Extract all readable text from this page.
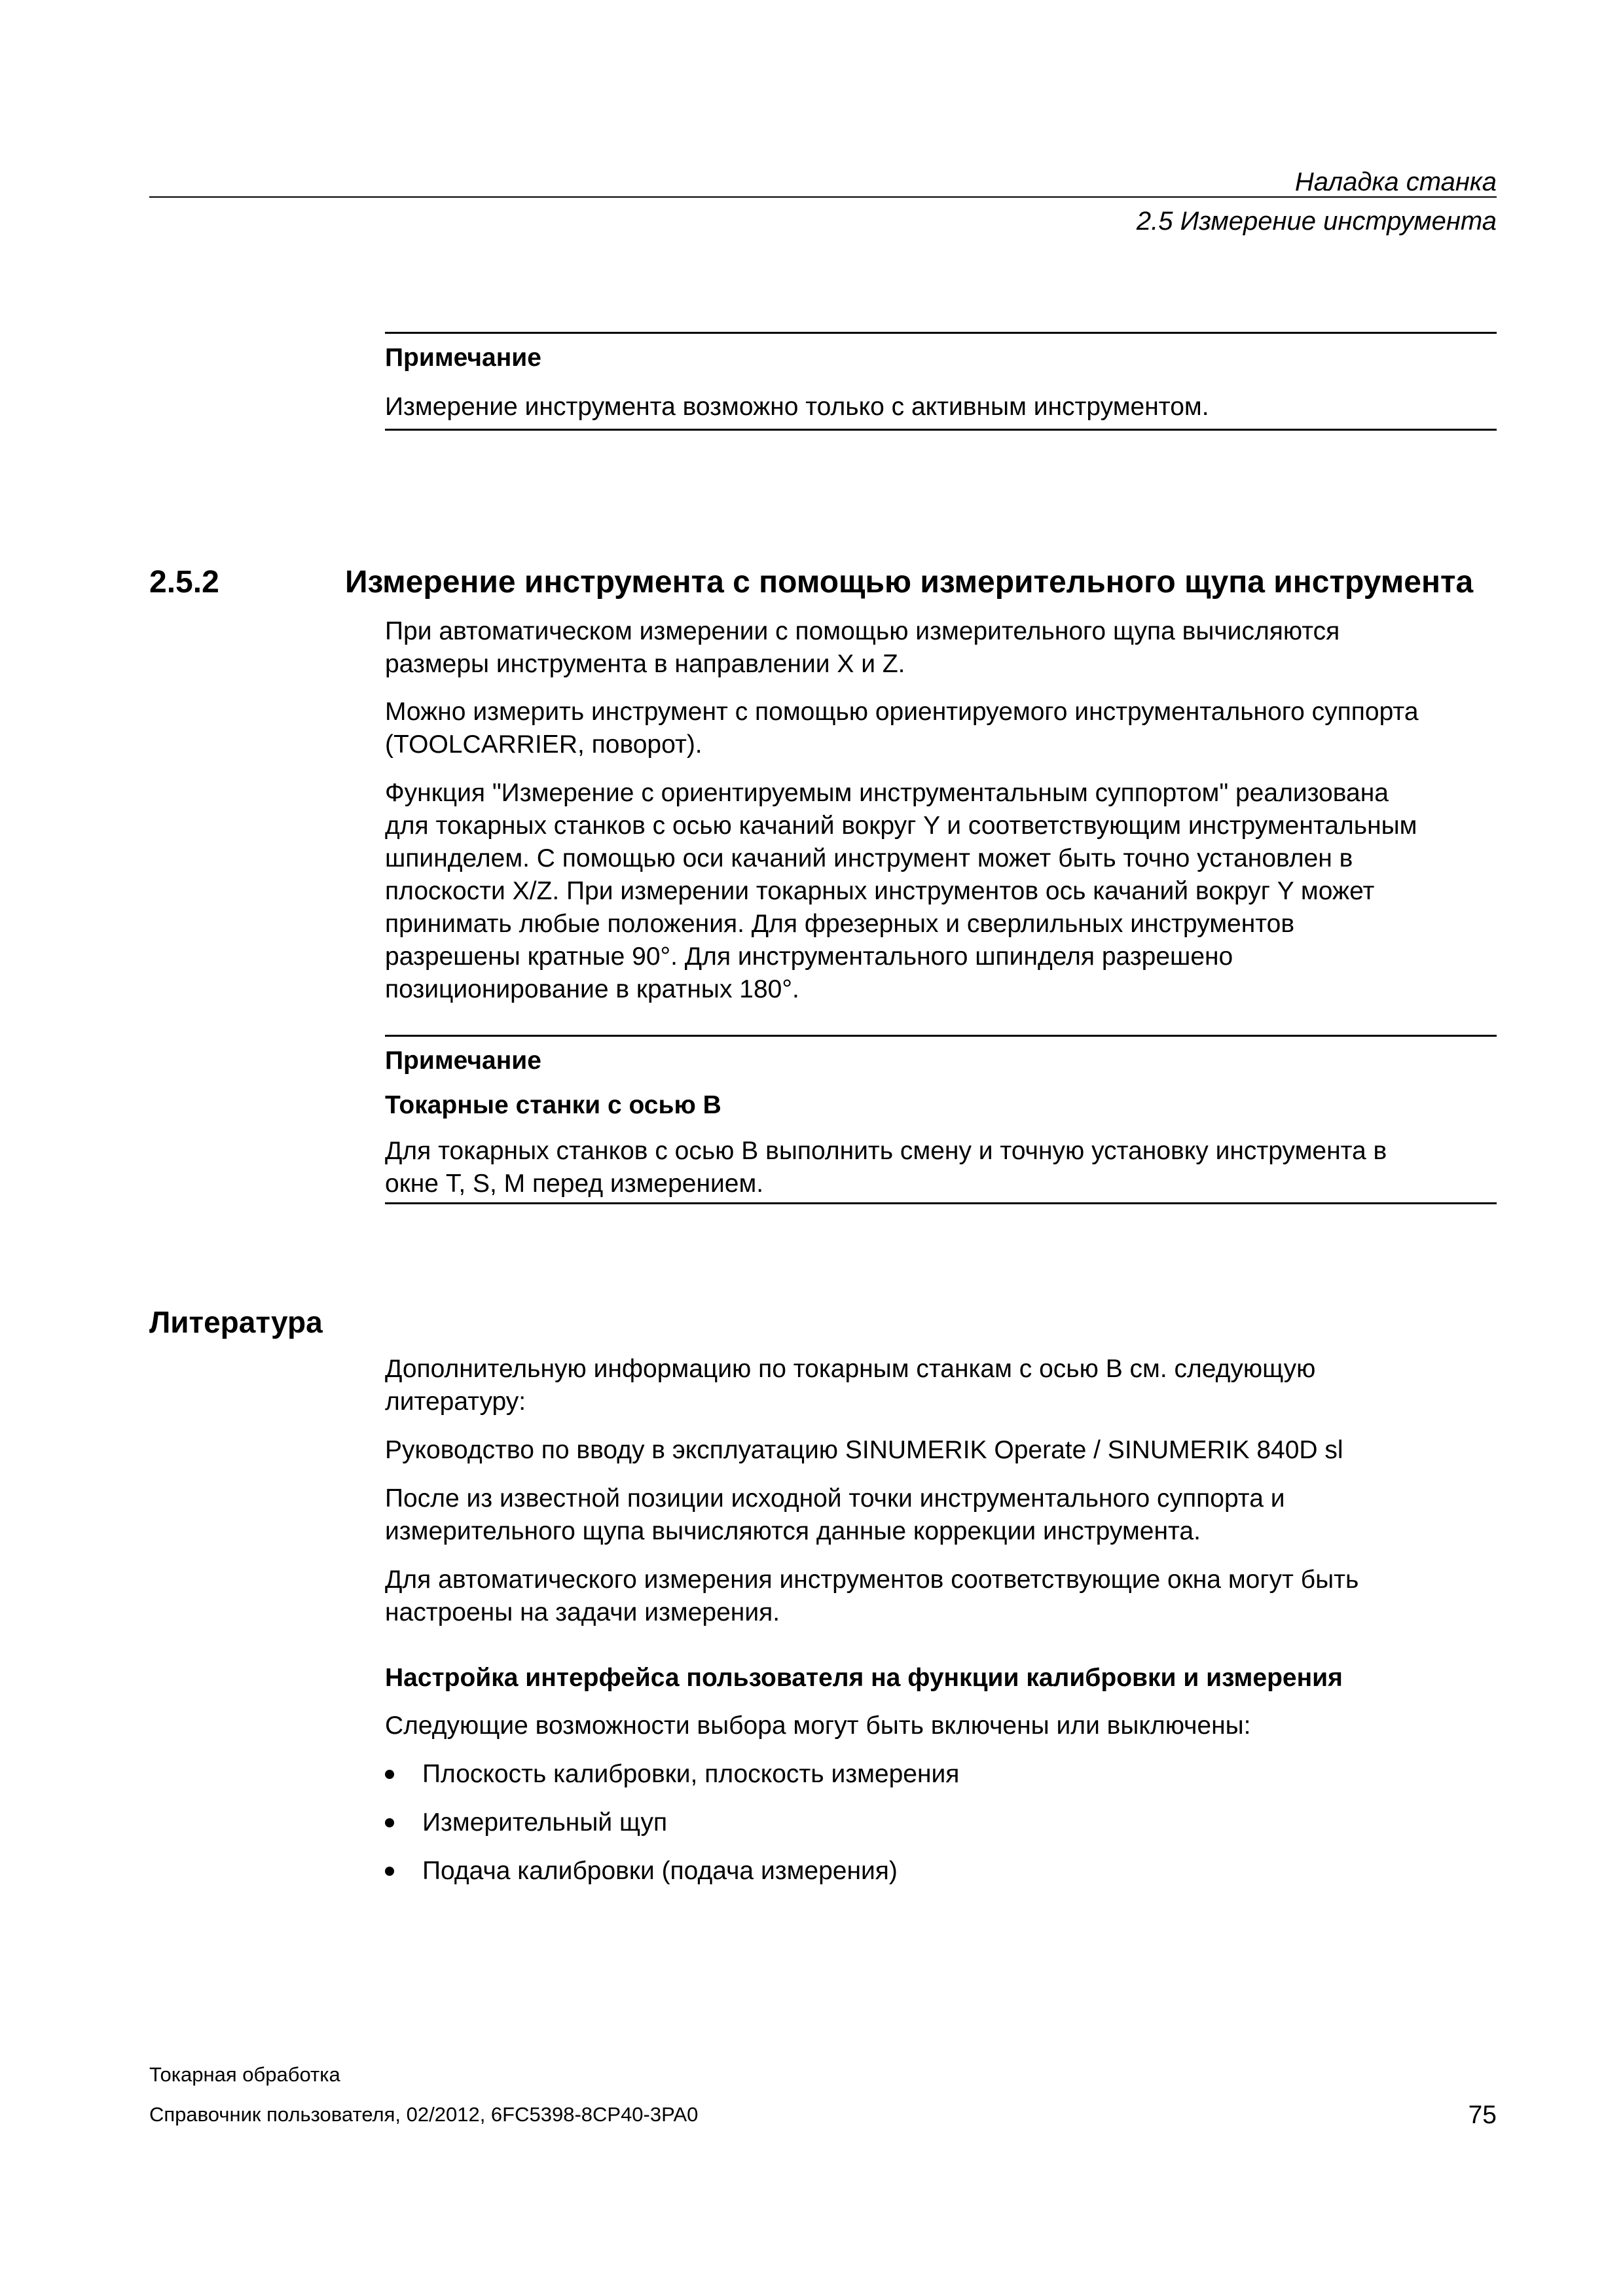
Наладка станка
2.5 Измерение инструмента
Примечание
Измерение инструмента возможно только с активным инструментом.
2.5.2	Измерение инструмента с помощью измерительного щупа инструмента
При автоматическом измерении с помощью измерительного щупа вычисляются
размеры инструмента в направлении X и Z.
Можно измерить инструмент с помощью ориентируемого инструментального суппорта
(TOOLCARRIER, поворот).
Функция "Измерение с ориентируемым инструментальным суппортом" реализована
для токарных станков с осью качаний вокруг Y и соответствующим инструментальным
шпинделем. С помощью оси качаний инструмент может быть точно установлен в
плоскости X/Z. При измерении токарных инструментов ось качаний вокруг Y может
принимать любые положения. Для фрезерных и сверлильных инструментов
разрешены кратные 90°. Для инструментального шпинделя разрешено
позиционирование в кратных 180°.
Примечание
Токарные станки с осью B
Для токарных станков с осью B выполнить смену и точную установку инструмента в
окне T, S, M перед измерением.
Литература
Дополнительную информацию по токарным станкам с осью B см. следующую
литературу:
Руководство по вводу в эксплуатацию SINUMERIK Operate / SINUMERIK 840D sl
После из известной позиции исходной точки инструментального суппорта и
измерительного щупа вычисляются данные коррекции инструмента.
Для автоматического измерения инструментов соответствующие окна могут быть
настроены на задачи измерения.
Настройка интерфейса пользователя на функции калибровки и измерения
Следующие возможности выбора могут быть включены или выключены:
Плоскость калибровки, плоскость измерения
Измерительный щуп
Подача калибровки (подача измерения)
Токарная обработка
Справочник пользователя, 02/2012, 6FC5398-8CP40-3PA0	75
